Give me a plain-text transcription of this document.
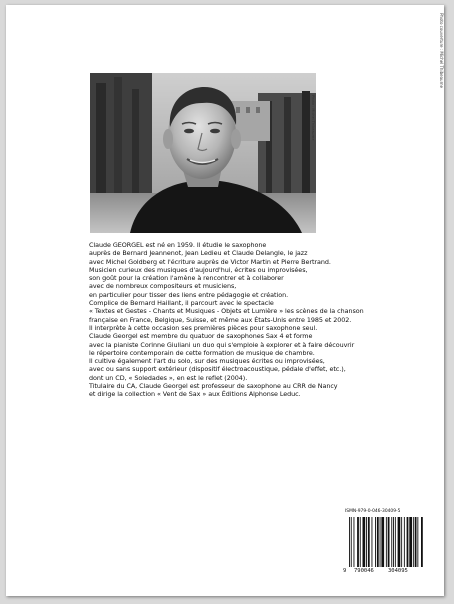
Photo couverture : Michel Thibeaume
Photo : Michel Thibeaume
Claude GEORGEL est né en 1959. Il étudie le saxophone
auprès de Bernard Jeannenot, Jean Ledieu et Claude Delangle, le jazz
avec Michel Goldberg et l'écriture auprès de Victor Martin et Pierre Bertrand.
Musicien curieux des musiques d'aujourd'hui, écrites ou improvisées,
son goût pour la création l'amène à rencontrer et à collaborer
avec de nombreux compositeurs et musiciens,
en particulier pour tisser des liens entre pédagogie et création.
Complice de Bernard Haillant, il parcourt avec le spectacle
« Textes et Gestes - Chants et Musiques - Objets et Lumière » les scènes de la chanson
française en France, Belgique, Suisse, et même aux États-Unis entre 1985 et 2002.
Il interprète à cette occasion ses premières pièces pour saxophone seul.
Claude Georgel est membre du quatuor de saxophones Sax 4 et forme
avec la pianiste Corinne Giuliani un duo qui s'emploie à explorer et à faire découvrir
le répertoire contemporain de cette formation de musique de chambre.
Il cultive également l'art du solo, sur des musiques écrites ou improvisées,
avec ou sans support extérieur (dispositif électroacoustique, pédale d'effet, etc.),
dont un CD, « Soledades », en est le reflet (2004).
Titulaire du CA, Claude Georgel est professeur de saxophone au CRR de Nancy
et dirige la collection « Vent de Sax » aux Éditions Alphonse Leduc.
ISMN-979-0-046-30409-5
9 790046	304095
